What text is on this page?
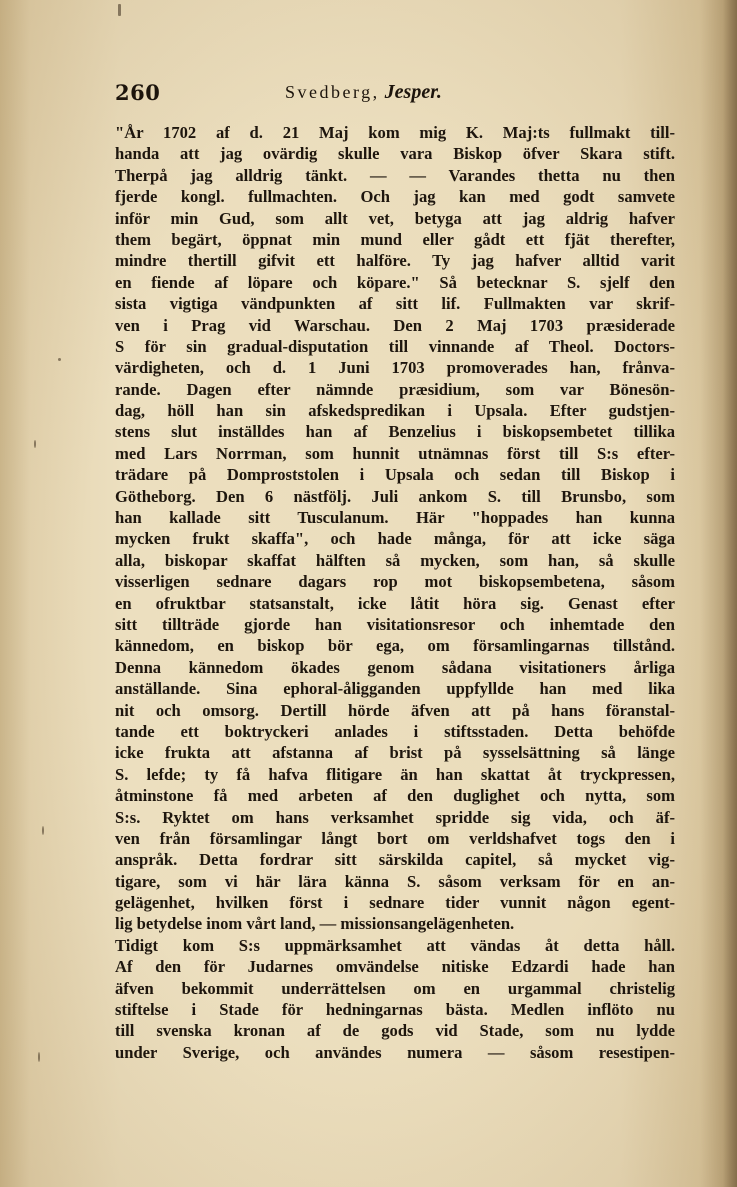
260	Svedberg, Jesper.
"År 1702 af d. 21 Maj kom mig K. Maj:ts fullmakt till-
handa att jag ovärdig skulle vara Biskop öfver Skara stift.
Therpå jag alldrig tänkt. — — Varandes thetta nu then
fjerde kongl. fullmachten. Och jag kan med godt samvete
inför min Gud, som allt vet, betyga att jag aldrig hafver
them begärt, öppnat min mund eller gådt ett fjät therefter,
mindre thertill gifvit ett halföre. Ty jag hafver alltid varit
en fiende af löpare och köpare." Så betecknar S. sjelf den
sista vigtiga vändpunkten af sitt lif. Fullmakten var skrif-
ven i Prag vid Warschau. Den 2 Maj 1703 præsiderade
S för sin gradual-disputation till vinnande af Theol. Doctors-
värdigheten, och d. 1 Juni 1703 promoverades han, frånva-
rande. Dagen efter nämnde præsidium, som var Bönesön-
dag, höll han sin afskedspredikan i Upsala. Efter gudstjen-
stens slut inställdes han af Benzelius i biskopsembetet tillika
med Lars Norrman, som hunnit utnämnas först till S:s efter-
trädare på Domproststolen i Upsala och sedan till Biskop i
Götheborg. Den 6 nästfölj. Juli ankom S. till Brunsbo, som
han kallade sitt Tusculanum. Här "hoppades han kunna
mycken frukt skaffa", och hade många, för att icke säga
alla, biskopar skaffat hälften så mycken, som han, så skulle
visserligen sednare dagars rop mot biskopsembetena, såsom
en ofruktbar statsanstalt, icke låtit höra sig. Genast efter
sitt tillträde gjorde han visitationsresor och inhemtade den
kännedom, en biskop bör ega, om församlingarnas tillstånd.
Denna kännedom ökades genom sådana visitationers årliga
anställande. Sina ephoral-åligganden uppfyllde han med lika
nit och omsorg. Dertill hörde äfven att på hans föranstal-
tande ett boktryckeri anlades i stiftsstaden. Detta behöfde
icke frukta att afstanna af brist på sysselsättning så länge
S. lefde; ty få hafva flitigare än han skattat åt tryckpressen,
åtminstone få med arbeten af den duglighet och nytta, som
S:s. Ryktet om hans verksamhet spridde sig vida, och äf-
ven från församlingar långt bort om verldshafvet togs den i
anspråk. Detta fordrar sitt särskilda capitel, så mycket vig-
tigare, som vi här lära känna S. såsom verksam för en an-
gelägenhet, hvilken först i sednare tider vunnit någon egent-
lig betydelse inom vårt land, — missionsangelägenheten.
Tidigt kom S:s uppmärksamhet att vändas åt detta håll.
Af den för Judarnes omvändelse nitiske Edzardi hade han
äfven bekommit underrättelsen om en urgammal christelig
stiftelse i Stade för hedningarnas bästa. Medlen inflöto nu
till svenska kronan af de gods vid Stade, som nu lydde
under Sverige, och användes numera — såsom resestipen-
